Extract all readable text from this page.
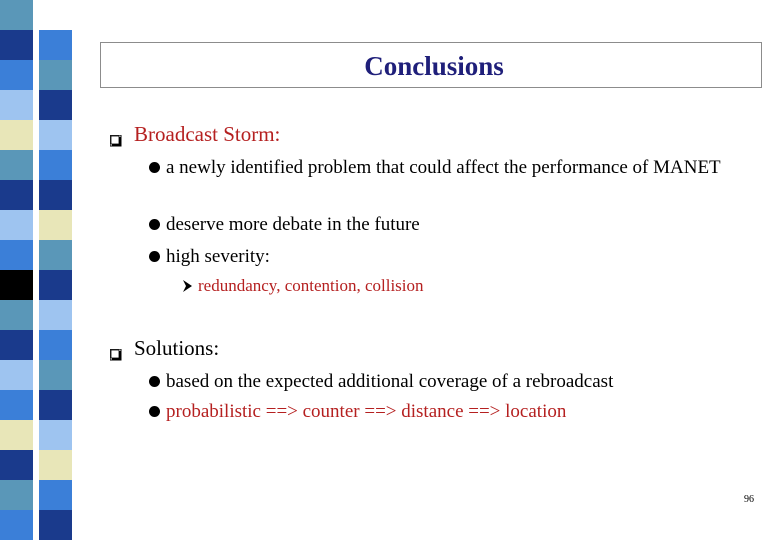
Conclusions
Broadcast Storm:
a newly identified problem that could affect the performance of MANET
deserve more debate in the future
high severity:
redundancy, contention, collision
Solutions:
based on the expected additional coverage of a rebroadcast
probabilistic ==> counter ==> distance ==> location
96
